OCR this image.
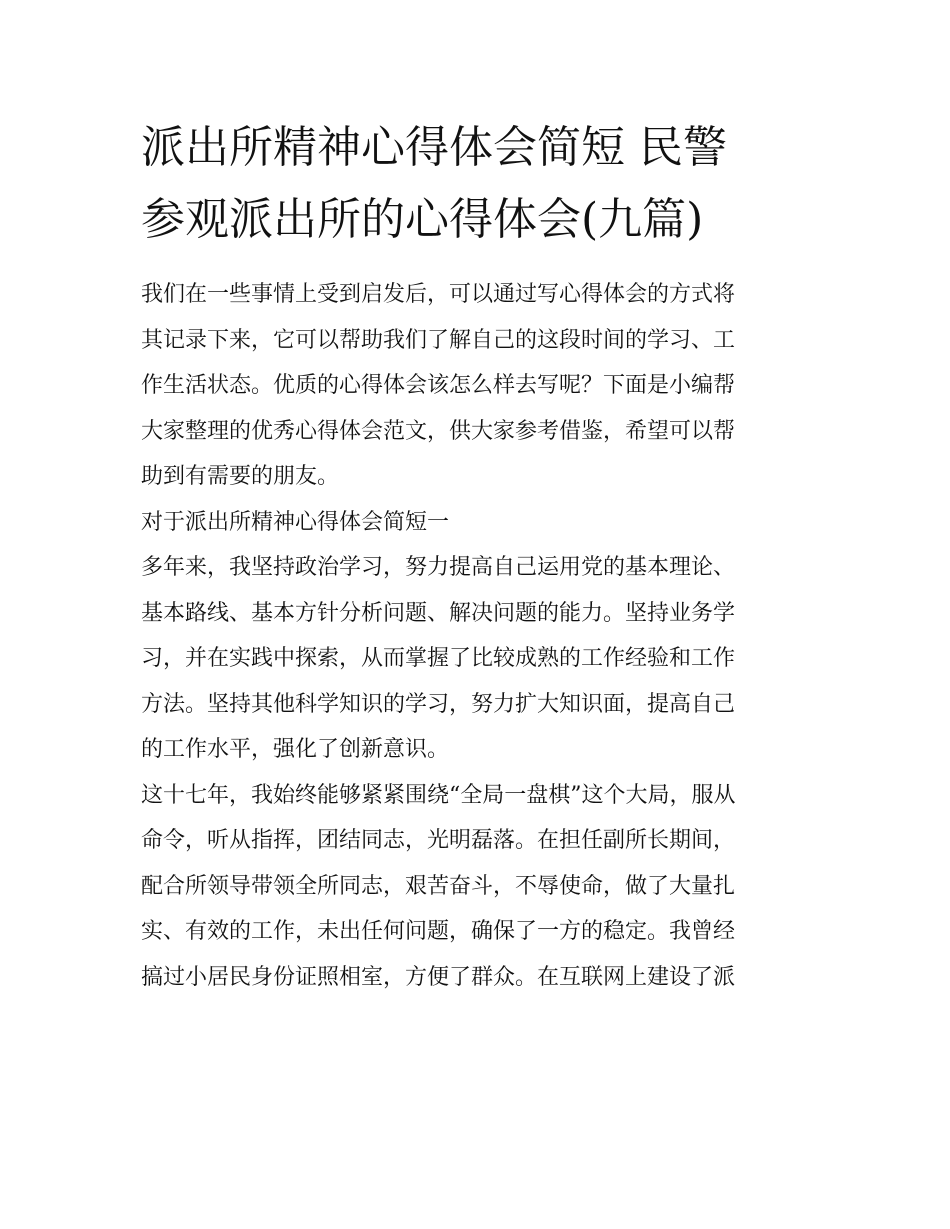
派出所精神心得体会简短 民警
参观派出所的心得体会(九篇)

我们在一些事情上受到启发后，可以通过写心得体会的方式将
其记录下来，它可以帮助我们了解自己的这段时间的学习、工
作生活状态。优质的心得体会该怎么样去写呢？下面是小编帮
大家整理的优秀心得体会范文，供大家参考借鉴，希望可以帮
助到有需要的朋友。

对于派出所精神心得体会简短一

多年来，我坚持政治学习，努力提高自己运用党的基本理论、
基本路线、基本方针分析问题、解决问题的能力。坚持业务学
习，并在实践中探索，从而掌握了比较成熟的工作经验和工作
方法。坚持其他科学知识的学习，努力扩大知识面，提高自己
的工作水平，强化了创新意识。

这十七年，我始终能够紧紧围绕“全局一盘棋”这个大局，服从
命令，听从指挥，团结同志，光明磊落。在担任副所长期间，
配合所领导带领全所同志，艰苦奋斗，不辱使命，做了大量扎
实、有效的工作，未出任何问题，确保了一方的稳定。我曾经
搞过小居民身份证照相室，方便了群众。在互联网上建设了派
